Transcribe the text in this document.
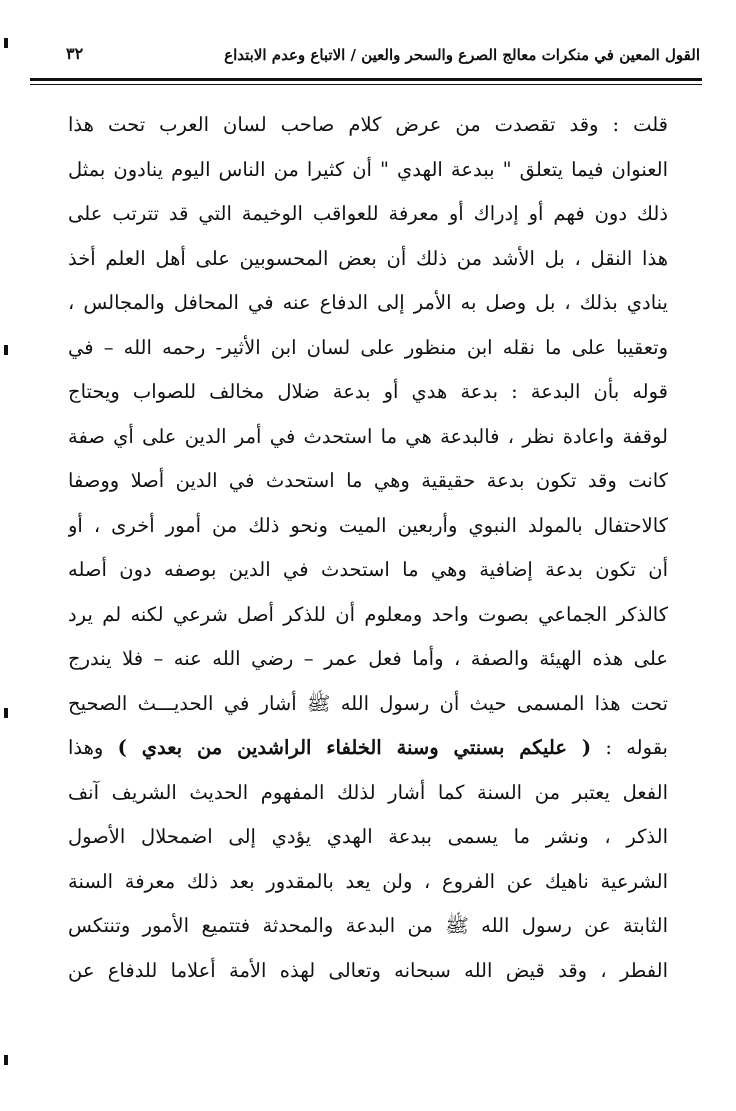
القول المعين في منكرات معالج الصرع والسحر والعين / الاتباع وعدم الابتداع
٣٢
قلت : وقد تقصدت من عرض كلام صاحب لسان العرب تحت هذا
العنوان فيما يتعلق " ببدعة الهدي " أن كثيرا من الناس اليوم ينادون بمثل
ذلك دون فهم أو إدراك أو معرفة للعواقب الوخيمة التي قد تترتب على
هذا النقل ، بل الأشد من ذلك أن بعض المحسوبين على أهل العلم أخذ
ينادي بذلك ، بل وصل به الأمر إلى الدفاع عنه في المحافل والمجالس ،
وتعقيبا على ما نقله ابن منظور على لسان ابن الأثير- رحمه الله – في
قوله بأن البدعة : بدعة هدي أو بدعة ضلال مخالف للصواب ويحتاج
لوقفة واعادة نظر ، فالبدعة هي ما استحدث في أمر الدين على أي صفة
كانت وقد تكون بدعة حقيقية وهي ما استحدث في الدين أصلا ووصفا
كالاحتفال بالمولد النبوي وأربعين الميت ونحو ذلك من أمور أخرى ، أو
أن تكون بدعة إضافية وهي ما استحدث في الدين بوصفه دون أصله
كالذكر الجماعي بصوت واحد ومعلوم أن للذكر أصل شرعي لكنه لم يرد
على هذه الهيئة والصفة ، وأما فعل عمر – رضي الله عنه – فلا يندرج
تحت هذا المسمى حيث أن رسول الله ﷺ أشار في الحديـــث الصحيح
بقوله : ( عليكم بسنتي وسنة الخلفاء الراشدين من بعدي ) وهذا
الفعل يعتبر من السنة كما أشار لذلك المفهوم الحديث الشريف آنف
الذكر ، ونشر ما يسمى ببدعة الهدي يؤدي إلى اضمحلال الأصول
الشرعية ناهيك عن الفروع ، ولن يعد بالمقدور بعد ذلك معرفة السنة
الثابتة عن رسول الله ﷺ من البدعة والمحدثة فتتميع الأمور وتنتكس
الفطر ، وقد قيض الله سبحانه وتعالى لهذه الأمة أعلاما للدفاع عن
